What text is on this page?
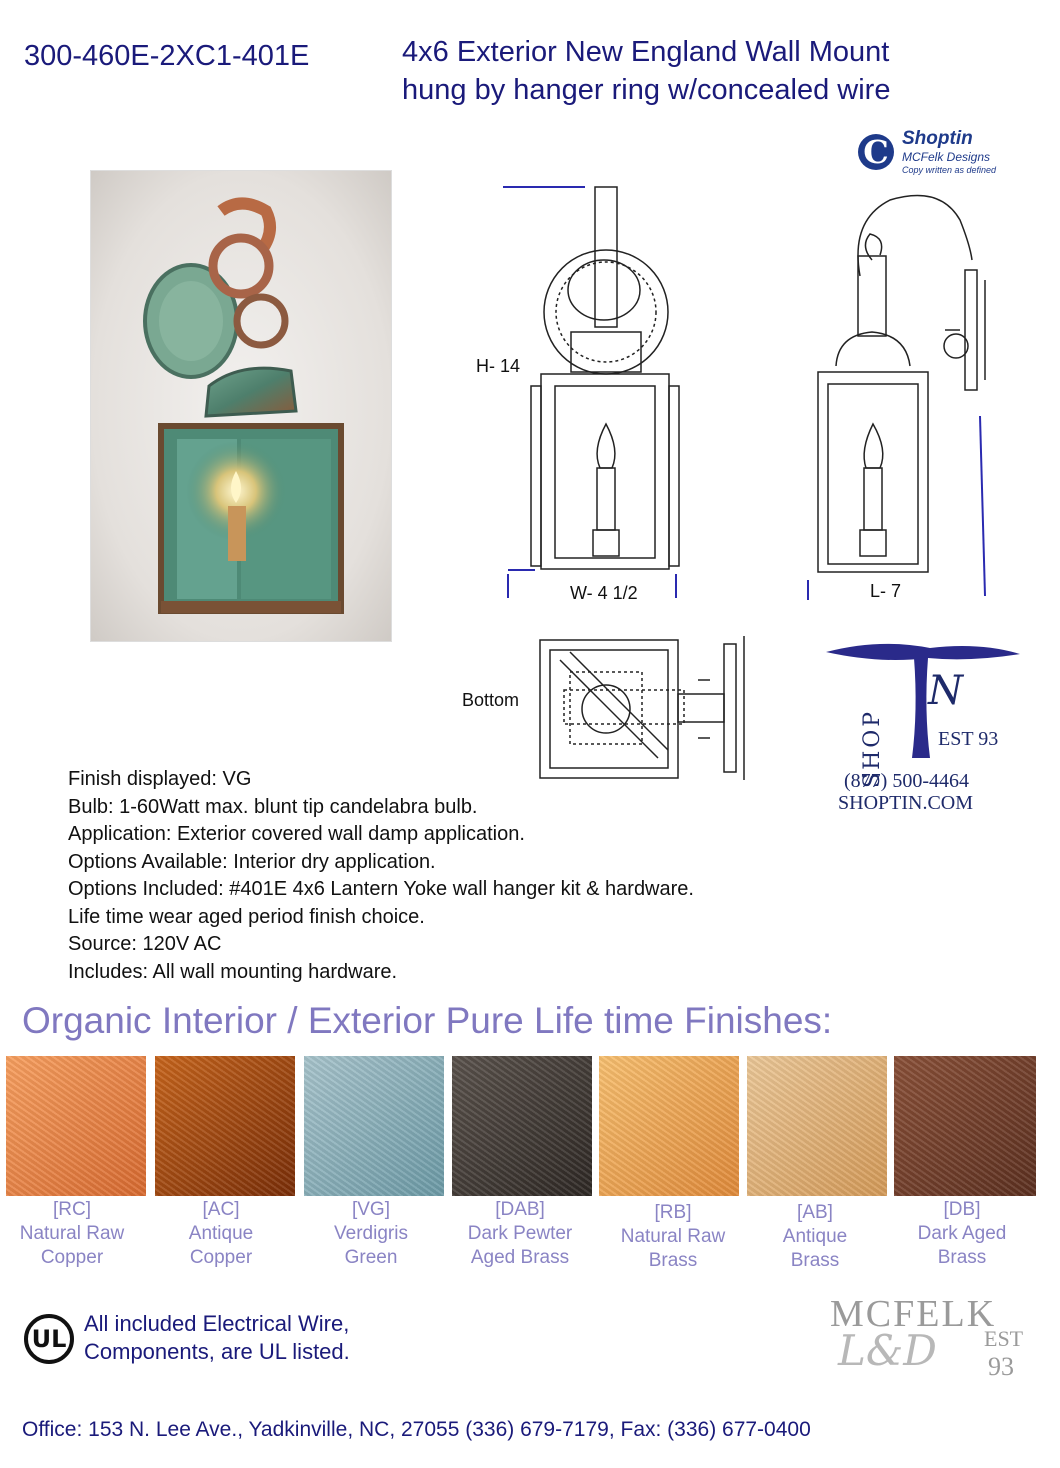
300-460E-2XC1-401E	4x6 Exterior New England Wall Mount
hung by hanger ring w/concealed wire
C Shoptin
MCFelk Designs
Copy written as defined
H- 14
W- 4 1/2	L- 7
Bottom
SHOP
N
EST 93
(877) 500-4464
SHOPTIN.COM
Finish displayed: VG
Bulb: 1-60Watt max. blunt tip candelabra bulb.
Application: Exterior covered wall damp application.
Options Available: Interior dry application.
Options Included: #401E 4x6 Lantern Yoke wall hanger kit & hardware.
Life time wear aged period finish choice.
Source: 120V AC
Includes: All wall mounting hardware.
Organic Interior / Exterior Pure Life time Finishes:
[RC]
Natural Raw
Copper
[AC]
Antique
Copper
[VG]
Verdigris
Green
[DAB]
Dark Pewter
Aged Brass
[RB]
Natural Raw
Brass
[AB]
Antique
Brass
[DB]
Dark Aged
Brass
UL
All included Electrical Wire,
Components, are UL listed.
MCFELK
EST
L&D 93
Office: 153 N. Lee Ave., Yadkinville, NC, 27055 (336) 679-7179, Fax: (336) 677-0400
